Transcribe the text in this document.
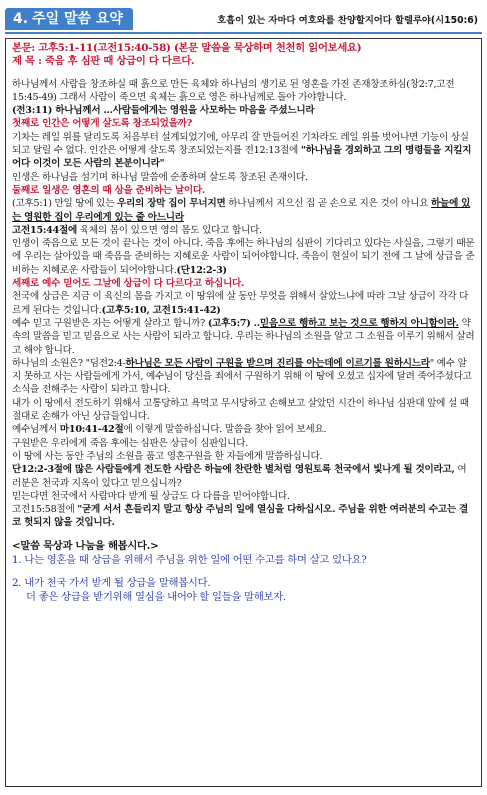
4. 주일 말씀 요약	호흡이 있는 자마다 여호와를 찬양할지어다 할렐루야(시150:6)

본문: 고후5:1-11(고전15:40-58) (본문 말씀을 묵상하며 천천히 읽어보세요)

제 목 : 죽음 후 심판 때 상급이 다 다르다.

하나님께서 사람을 창조하실 때 흙으로 만든 육체와 하나님의 생기로 된 영혼을 가진 존재창조하심(창2:7,고전15:45-49) 그래서 사람이 죽으면 육체는 흙으로 영은 하나님께로 돌아 가야합니다.

(전3:11) 하나님께서 ...사람들에게는 영원을 사모하는 마음을 주셨느니라

첫째로 인간은 어떻게 살도록 창조되었을까?

기차는 레일 위를 달리도록 처음부터 설계되었기에, 아무리 잘 만들어진 기차라도 레일 위를 벗어나면 기능이 상실되고 달릴 수 없다. 인간은 어떻게 살도록 창조되었는지를 전12:13절에 "하나님을 경외하고 그의 명령들을 지킬지어다 이것이 모든 사람의 본분이니라"

인생은 하나님을 섬기며 하나님 말씀에 순종하며 살도록 창조된 존재이다.

둘째로 일생은 영혼의 때 상을 준비하는 날이다.

(고후5:1) 만일 땅에 있는 우리의 장막 집이 무너지면 하나님께서 지으신 집 곧 손으로 지은 것이 아니요 하늘에 있는 영원한 집이 우리에게 있는 줄 아느니라

고전15:44절에 육체의 몸이 있으면 영의 몸도 있다고 합니다.

인생이 죽음으로 모든 것이 끝나는 것이 아니다. 죽음 후에는 하나님의 심판이 기다리고 있다는 사실을, 그렇기 때문에 우리는 살아있을 때 죽음을 준비하는 지혜로운 사람이 되어야합니다. 죽음이 현실이 되기 전에 그 날에 상급을 준비하는 지혜로운 사람들이 되어야합니다.(단12:2-3)

세째로 예수 믿어도 그날에 상급이 다 다르다고 하십니다.

천국에 상급은 지금 이 육신의 몸을 가지고 이 땅위에 살 동안 무엇을 위해서 살았느냐에 따라 그날 상급이 각각 다르게 된다는 것입니다.(고후5:10, 고전15:41-42)

예수 믿고 구원받은 자는 어떻게 살라고 합니까? (고후5:7) ..믿음으로 행하고 보는 것으로 행하지 아니함이라. 약속의 말씀을 믿고 믿음으로 사는 사람이 되라고 합니다. 우리는 하나님의 소원을 알고 그 소원을 이루기 위해서 살려고 해야 합니다.

하나님의 소원은? "딤전2:4-하나님은 모든 사람이 구원을 받으며 진리를 아는데에 이르기를 원하시느라" 예수 알지 못하고 사는 사람들에게 가서, 예수님이 당신을 죄에서 구원하기 위해 이 땅에 오셨고 십자에 달려 죽어주셨다고 소식을 전해주는 사람이 되라고 합니다.

내가 이 땅에서 전도하기 위해서 고통당하고 욕먹고 무시당하고 손해보고 살았던 시간이 하나님 심판대 앞에 설 때 절대로 손해가 아닌 상급들입니다.

예수님께서 마10:41-42절에 이렇게 말씀하십니다. 말씀을 찾아 읽어 보세요.

구원받은 우리에게 죽음 후에는 심판은 상급이 심판입니다.

이 땅에 사는 동안 주님의 소원을 품고 영혼구원을 한 자들에게 말씀하십니다.

단12:2-3절에 많은 사람들에게 전도한 사람은 하늘에 찬란한 별처럼 영원토록 천국에서 빛나게 될 것이라고, 여러분은 천국과 지옥이 있다고 믿으십니까?

믿는다면 천국에서 사람마다 받게 될 상급도 다 다름을 믿어야합니다.

고전15:58절에 "굳게 서서 흔들리지 말고 항상 주님의 일에 열심을 다하십시오. 주님을 위한 여러분의 수고는 결코 헛되지 않을 것입니다.

<말씀 묵상과 나눔을 해봅시다.>

1. 나는 영혼을 때 상급을 위해서 주님을 위한 일에 어떤 수고를 하며 살고 있나요?

2. 내가 천국 가서 받게 될 상급을 말해봅시다.

더 좋은 상급을 받기위해 열심을 내어야 할 일들을 말해보자.
